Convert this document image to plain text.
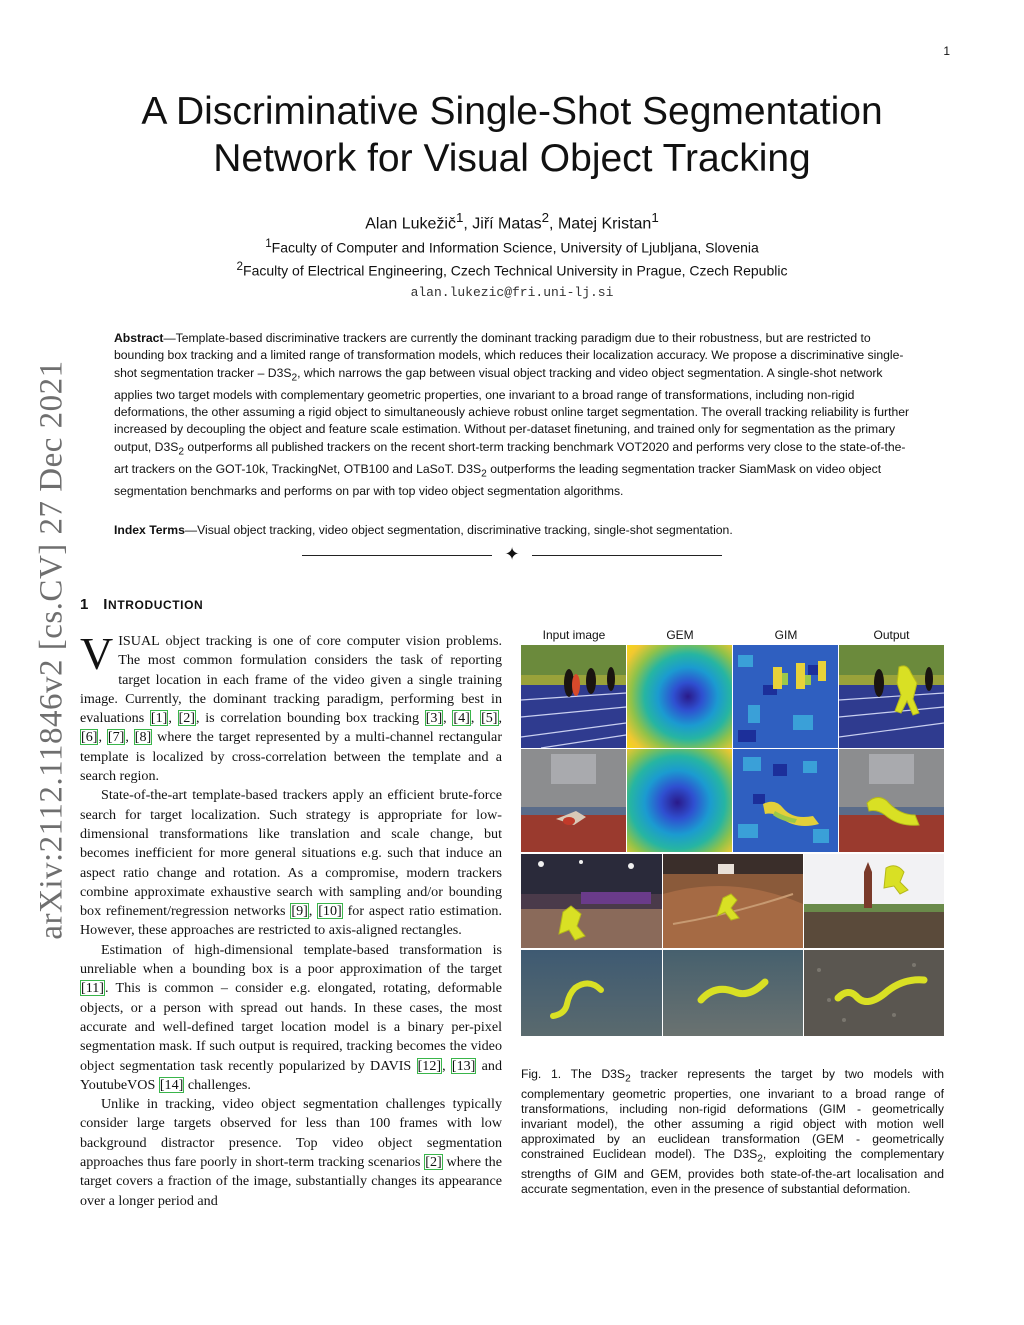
1
A Discriminative Single-Shot Segmentation Network for Visual Object Tracking
Alan Lukežič$^1$, Jiří Matas$^2$, Matej Kristan$^1$
$^1$Faculty of Computer and Information Science, University of Ljubljana, Slovenia
$^2$Faculty of Electrical Engineering, Czech Technical University in Prague, Czech Republic
alan.lukezic@fri.uni-lj.si
arXiv:2112.11846v2 [cs.CV] 27 Dec 2021
Abstract—Template-based discriminative trackers are currently the dominant tracking paradigm due to their robustness, but are restricted to bounding box tracking and a limited range of transformation models, which reduces their localization accuracy. We propose a discriminative single-shot segmentation tracker – $D3S_2$, which narrows the gap between visual object tracking and video object segmentation. A single-shot network applies two target models with complementary geometric properties, one invariant to a broad range of transformations, including non-rigid deformations, the other assuming a rigid object to simultaneously achieve robust online target segmentation. The overall tracking reliability is further increased by decoupling the object and feature scale estimation. Without per-dataset finetuning, and trained only for segmentation as the primary output, $D3S_2$ outperforms all published trackers on the recent short-term tracking benchmark VOT2020 and performs very close to the state-of-the-art trackers on the GOT-10k, TrackingNet, OTB100 and LaSoT. $D3S_2$ outperforms the leading segmentation tracker SiamMask on video object segmentation benchmarks and performs on par with top video object segmentation algorithms.
Index Terms—Visual object tracking, video object segmentation, discriminative tracking, single-shot segmentation.
✦
1 INTRODUCTION

VISUAL object tracking is one of core computer vision problems. The most common formulation considers the task of reporting target location in each frame of the video given a single training image. Currently, the dominant tracking paradigm, performing best in evaluations [1], [2], is correlation bounding box tracking [3], [4], [5], [6], [7], [8] where the target represented by a multi-channel rectangular template is localized by cross-correlation between the template and a search region.

State-of-the-art template-based trackers apply an efficient brute-force search for target localization. Such strategy is appropriate for low-dimensional transformations like translation and scale change, but becomes inefficient for more general situations e.g. such that induce an aspect ratio change and rotation. As a compromise, modern trackers combine approximate exhaustive search with sampling and/or bounding box refinement/regression networks [9], [10] for aspect ratio estimation. However, these approaches are restricted to axis-aligned rectangles.

Estimation of high-dimensional template-based transformation is unreliable when a bounding box is a poor approximation of the target [11]. This is common – consider e.g. elongated, rotating, deformable objects, or a person with spread out hands. In these cases, the most accurate and well-defined target location model is a binary per-pixel segmentation mask. If such output is required, tracking becomes the video object segmentation task recently popularized by DAVIS [12], [13] and YoutubeVOS [14] challenges.

Unlike in tracking, video object segmentation challenges typically consider large targets observed for less than 100 frames with low background distractor presence. Top video object segmentation approaches thus fare poorly in short-term tracking scenarios [2] where the target covers a fraction of the image, substantially changes its appearance over a longer period and

Input image	GEM	GIM	Output
Fig. 1. The $D3S_2$ tracker represents the target by two models with complementary geometric properties, one invariant to a broad range of transformations, including non-rigid deformations (GIM - geometrically invariant model), the other assuming a rigid object with motion well approximated by an euclidean transformation (GEM - geometrically constrained Euclidean model). The $D3S_2$, exploiting the complementary strengths of GIM and GEM, provides both state-of-the-art localisation and accurate segmentation, even in the presence of substantial deformation.
